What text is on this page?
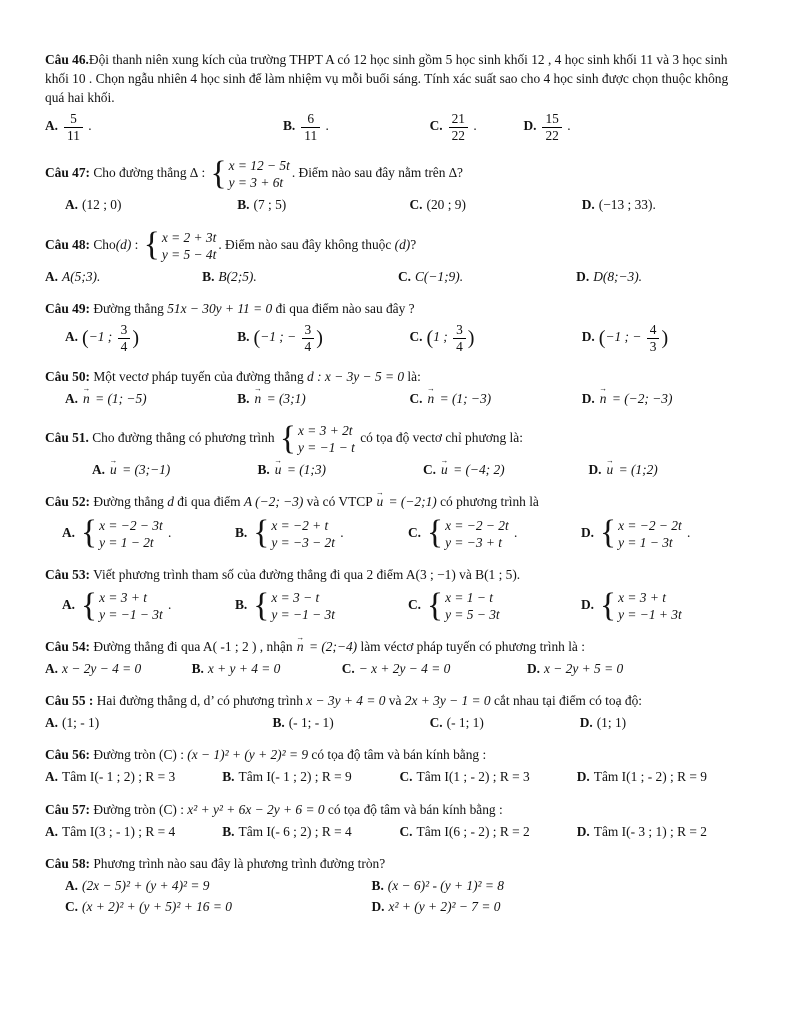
Câu 46.Đội thanh niên xung kích của trường THPT A có 12 học sinh gồm 5 học sinh khối 12 , 4 học sinh khối 11 và 3 học sinh khối 10 . Chọn ngẫu nhiên 4 học sinh để làm nhiệm vụ mỗi buổi sáng. Tính xác suất sao cho 4 học sinh được chọn thuộc không quá hai khối.
A. $\frac{5}{11}$ .	B. $\frac{6}{11}$ .	C. $\frac{21}{22}$ .	D. $\frac{15}{22}$ .
Câu 47: Cho đường thẳng ∆ : { x = 12 − 5t
y = 3 + 6t
. Điểm nào sau đây nằm trên ∆?
A. (12 ; 0)	B. (7 ; 5)	C. (20 ; 9)	D. (−13 ; 33).
Câu 48: Cho(d) : { x = 2 + 3t
y = 5 − 4t
. Điểm nào sau đây không thuộc (d)?
A. A(5;3).	B. B(2;5).	C. C(−1;9).	D. D(8;−3).
Câu 49: Đường thẳng 51x − 30y + 11 = 0 đi qua điểm nào sau đây ?
A. (−1 ; $\frac{3}{4}$ )	B. (−1 ; − $\frac{3}{4}$ )	C. (1 ; $\frac{3}{4}$ )	D. (−1 ; − $\frac{4}{3}$ )
Câu 50: Một vectơ pháp tuyến của đường thẳng d : x − 3y − 5 = 0 là:
A. → n = (1; −5)	B. → n = (3;1)	C. → n = (1; −3)	D. → n = (−2; −3)
Câu 51. Cho đường thẳng có phương trình { x = 3 + 2t
y = −1 − t
có tọa độ vectơ chỉ phương là:
A. → u = (3;−1)	B. → u = (1;3)	C. → u = (−4; 2)	D. → u = (1;2)
Câu 52: Đường thẳng d đi qua điểm A (−2; −3) và có VTCP → u = (−2;1) có phương trình là
A. { x = −2 − 3t
y = 1 − 2t
.	B. { x = −2 + t
y = −3 − 2t
.	C. { x = −2 − 2t
y = −3 + t
.	D. { x = −2 − 2t
y = 1 − 3t
.
Câu 53: Viết phương trình tham số của đường thẳng đi qua 2 điểm A(3 ; −1) và B(1 ; 5).
A. { x = 3 + t
y = −1 − 3t
.	B. { x = 3 − t
y = −1 − 3t
C. { x = 1 − t
y = 5 − 3t
D. { x = 3 + t
y = −1 + 3t
Câu 54: Đường thẳng đi qua A( -1 ; 2 ) , nhận → n = (2;−4) làm véctơ pháp tuyến có phương trình là :
A. x − 2y − 4 = 0	B. x + y + 4 = 0	C. − x + 2y − 4 = 0	D. x − 2y + 5 = 0
Câu 55 : Hai đường thẳng d, d’ có phương trình x − 3y + 4 = 0 và 2x + 3y − 1 = 0 cắt nhau tại điểm có toạ độ:
A. (1; - 1)	B. (- 1; - 1)	C. (- 1; 1)	D. (1; 1)
Câu 56: Đường tròn (C) : (x − 1)² + (y + 2)² = 9 có tọa độ tâm và bán kính bằng :
A. Tâm I(- 1 ; 2) ; R = 3	B. Tâm I(- 1 ; 2) ; R = 9	C. Tâm I(1 ; - 2) ; R = 3	D. Tâm I(1 ; - 2) ; R = 9
Câu 57: Đường tròn (C) : x² + y² + 6x − 2y + 6 = 0 có tọa độ tâm và bán kính bằng :
A. Tâm I(3 ; - 1) ; R = 4	B. Tâm I(- 6 ; 2) ; R = 4	C. Tâm I(6 ; - 2) ; R = 2	D. Tâm I(- 3 ; 1) ; R = 2
Câu 58: Phương trình nào sau đây là phương trình đường tròn?
A. (2x − 5)² + (y + 4)² = 9	B. (x − 6)² - (y + 1)² = 8
C. (x + 2)² + (y + 5)² + 16 = 0	D. x² + (y + 2)² − 7 = 0
